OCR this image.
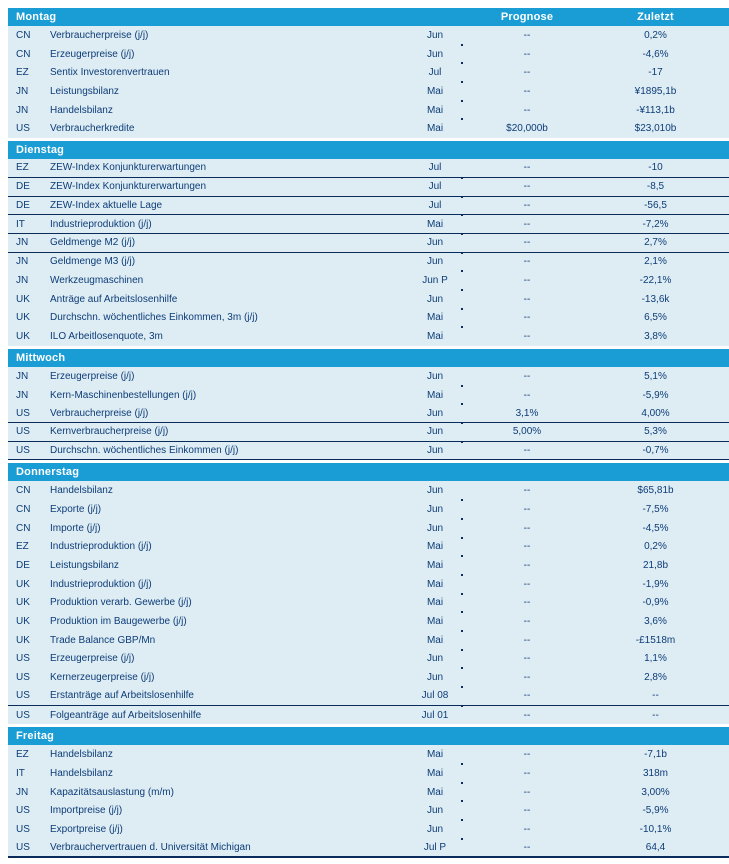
Montag	Prognose	Zuletzt
CN	Verbraucherpreise (j/j)	Jun	--	0,2%
CN	Erzeugerpreise (j/j)	Jun	--	-4,6%
EZ	Sentix Investorenvertrauen	Jul	--	-17
JN	Leistungsbilanz	Mai	--	¥1895,1b
JN	Handelsbilanz	Mai	--	-¥113,1b
US	Verbraucherkredite	Mai	$20,000b	$23,010b
Dienstag
EZ	ZEW-Index Konjunkturerwartungen	Jul	--	-10
DE	ZEW-Index Konjunkturerwartungen	Jul	--	-8,5
DE	ZEW-Index aktuelle Lage	Jul	--	-56,5
IT	Industrieproduktion (j/j)	Mai	--	-7,2%
JN	Geldmenge M2 (j/j)	Jun	--	2,7%
JN	Geldmenge M3 (j/j)	Jun	--	2,1%
JN	Werkzeugmaschinen	Jun P	--	-22,1%
UK	Anträge auf Arbeitslosenhilfe	Jun	--	-13,6k
UK	Durchschn. wöchentliches Einkommen, 3m (j/j)	Mai	--	6,5%
UK	ILO Arbeitlosenquote, 3m	Mai	--	3,8%
Mittwoch
JN	Erzeugerpreise (j/j)	Jun	--	5,1%
JN	Kern-Maschinenbestellungen (j/j)	Mai	--	-5,9%
US	Verbraucherpreise (j/j)	Jun	3,1%	4,00%
US	Kernverbraucherpreise (j/j)	Jun	5,00%	5,3%
US	Durchschn. wöchentliches Einkommen (j/j)	Jun	--	-0,7%
Donnerstag
CN	Handelsbilanz	Jun	--	$65,81b
CN	Exporte (j/j)	Jun	--	-7,5%
CN	Importe (j/j)	Jun	--	-4,5%
EZ	Industrieproduktion (j/j)	Mai	--	0,2%
DE	Leistungsbilanz	Mai	--	21,8b
UK	Industrieproduktion (j/j)	Mai	--	-1,9%
UK	Produktion verarb. Gewerbe (j/j)	Mai	--	-0,9%
UK	Produktion im Baugewerbe (j/j)	Mai	--	3,6%
UK	Trade Balance GBP/Mn	Mai	--	-£1518m
US	Erzeugerpreise (j/j)	Jun	--	1,1%
US	Kernerzeugerpreise (j/j)	Jun	--	2,8%
US	Erstanträge auf Arbeitslosenhilfe	Jul 08	--	--
US	Folgeanträge auf Arbeitslosenhilfe	Jul 01	--	--
Freitag
EZ	Handelsbilanz	Mai	--	-7,1b
IT	Handelsbilanz	Mai	--	318m
JN	Kapazitätsauslastung (m/m)	Mai	--	3,00%
US	Importpreise (j/j)	Jun	--	-5,9%
US	Exportpreise (j/j)	Jun	--	-10,1%
US	Verbrauchervertrauen d. Universität Michigan	Jul P	--	64,4
